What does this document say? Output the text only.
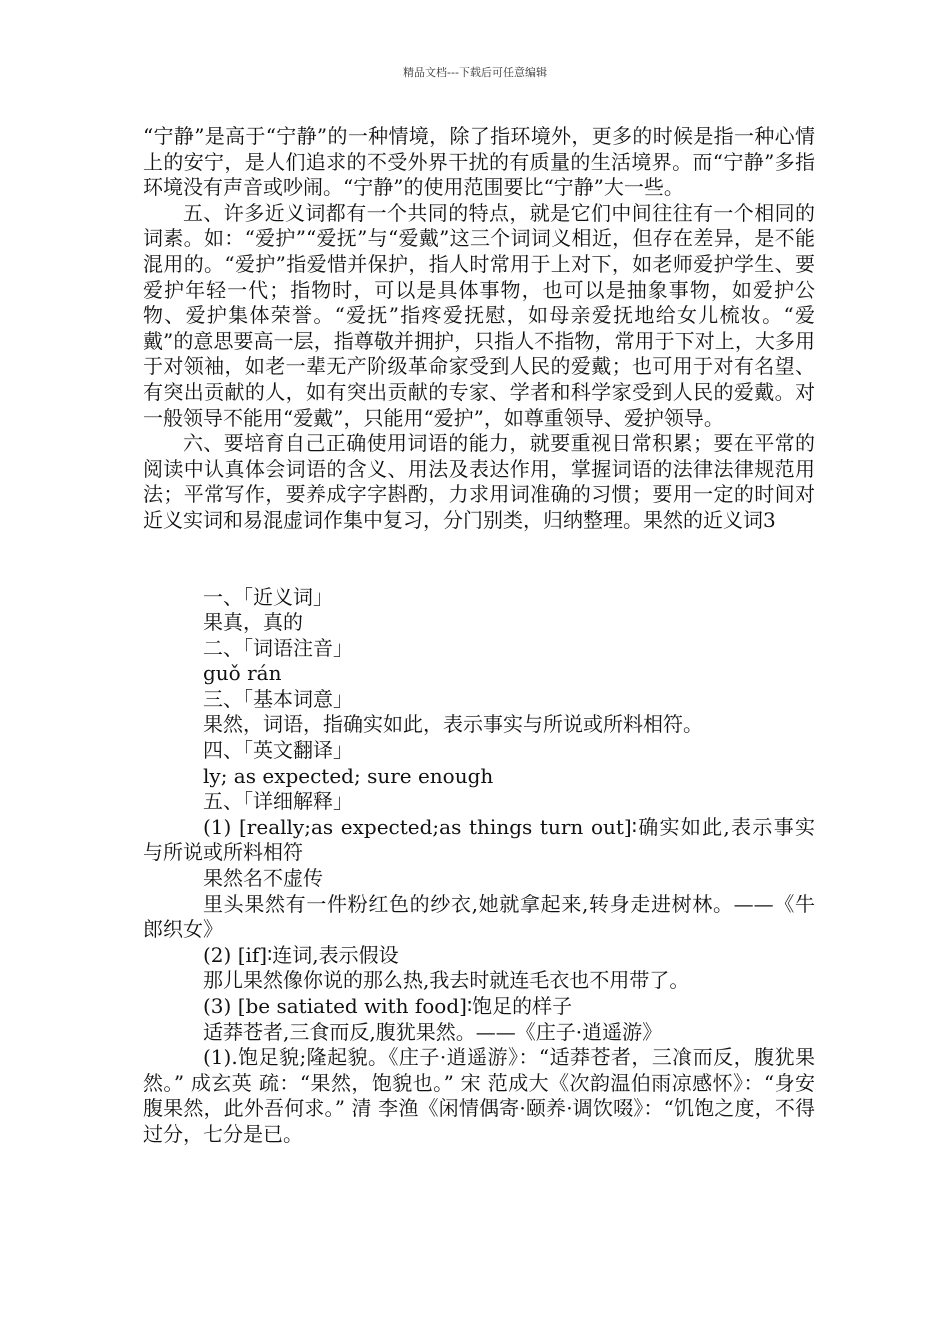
精品文档---下载后可任意编辑

“宁静”是高于“宁静”的一种情境，除了指环境外，更多的时候是指一种心情上的安宁，是人们追求的不受外界干扰的有质量的生活境界。而“宁静”多指环境没有声音或吵闹。“宁静”的使用范围要比“宁静”大一些。

五、许多近义词都有一个共同的特点，就是它们中间往往有一个相同的词素。如：“爱护”“爱抚”与“爱戴”这三个词词义相近，但存在差异，是不能混用的。“爱护”指爱惜并保护，指人时常用于上对下，如老师爱护学生、要爱护年轻一代；指物时，可以是具体事物，也可以是抽象事物，如爱护公物、爱护集体荣誉。“爱抚”指疼爱抚慰，如母亲爱抚地给女儿梳妆。“爱戴”的意思要高一层，指尊敬并拥护，只指人不指物，常用于下对上，大多用于对领袖，如老一辈无产阶级革命家受到人民的爱戴；也可用于对有名望、有突出贡献的人，如有突出贡献的专家、学者和科学家受到人民的爱戴。对一般领导不能用“爱戴”，只能用“爱护”，如尊重领导、爱护领导。

六、要培育自己正确使用词语的能力，就要重视日常积累；要在平常的阅读中认真体会词语的含义、用法及表达作用，掌握词语的法律法律规范用法；平常写作，要养成字字斟酌，力求用词准确的习惯；要用一定的时间对近义实词和易混虚词作集中复习，分门别类，归纳整理。果然的近义词3

一、「近义词」

果真，真的

二、「词语注音」

guǒ rán

三、「基本词意」

果然，词语，指确实如此，表示事实与所说或所料相符。

四、「英文翻译」

ly; as expected; sure enough

五、「详细解释」

(1) [really;as expected;as things turn out]∶确实如此,表示事实与所说或所料相符

果然名不虚传

里头果然有一件粉红色的纱衣,她就拿起来,转身走进树林。——《牛郎织女》

(2) [if]∶连词,表示假设

那儿果然像你说的那么热,我去时就连毛衣也不用带了。

(3) [be satiated with food]∶饱足的样子

适莽苍者,三食而反,腹犹果然。——《庄子·逍遥游》

(1).饱足貌;隆起貌。《庄子·逍遥游》：“适莽苍者，三飡而反，腹犹果然。” 成玄英 疏：“果然，饱貌也。” 宋 范成大《次韵温伯雨凉感怀》：“身安腹果然，此外吾何求。” 清 李渔《闲情偶寄·颐养·调饮啜》：“饥饱之度，不得过分，七分是已。
